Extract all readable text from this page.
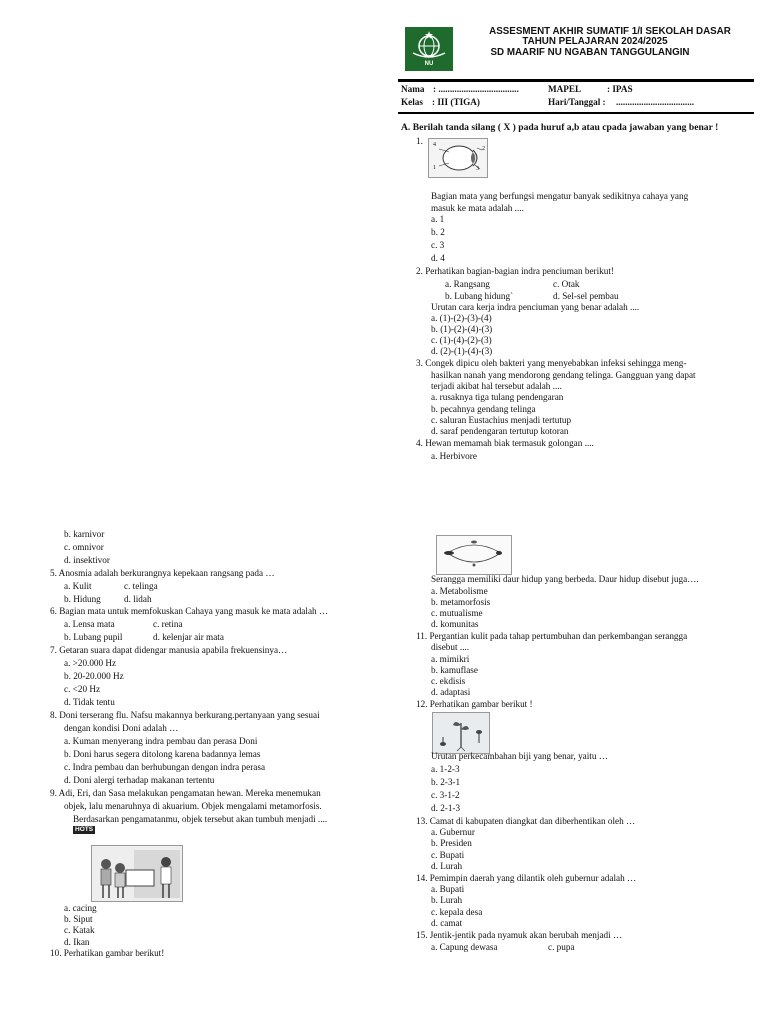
NU
ASSESMENT AKHIR SUMATIF 1/I SEKOLAH DASAR
TAHUN PELAJARAN 2024/2025
SD MAARIF NU NGABAN TANGGULANGIN
Nama : ...................................	MAPEL	: IPAS
Kelas : III (TIGA)	Hari/Tanggal : ..................................
A. Berilah tanda silang ( X ) pada huruf a,b atau cpada jawaban yang benar !
1. 4
1
2
3
Bagian mata yang berfungsi mengatur banyak sedikitnya cahaya yang
masuk ke mata adalah ....
a. 1
b. 2
c. 3
d. 4
2. Perhatikan bagian-bagian indra penciuman berikut!
a. Rangsang	c. Otak
b. Lubang hidung`	d. Sel-sel pembau
Urutan cara kerja indra penciuman yang benar adalah ....
a. (1)-(2)-(3)-(4)
b. (1)-(2)-(4)-(3)
c. (1)-(4)-(2)-(3)
d. (2)-(1)-(4)-(3)
3. Congek dipicu oleh bakteri yang menyebabkan infeksi sehingga meng-
hasilkan nanah yang mendorong gendang telinga. Gangguan yang dapat
terjadi akibat hal tersebut adalah ....
a. rusaknya tiga tulang pendengaran
b. pecahnya gendang telinga
c. saluran Eustachius menjadi tertutup
d. saraf pendengaran tertutup kotoran
4. Hewan memamah biak termasuk golongan ....
a. Herbivore
b. karnivor
c. omnivor
d. insektivor
5. Anosmia adalah berkurangnya kepekaan rangsang pada …
a. Kulit	c. telinga
b. Hidung	d. lidah
6. Bagian mata untuk memfokuskan Cahaya yang masuk ke mata adalah …
a. Lensa mata	c. retina
b. Lubang pupil	d. kelenjar air mata
7. Getaran suara dapat didengar manusia apabila frekuensinya…
a. >20.000 Hz
b. 20-20.000 Hz
c. <20 Hz
d. Tidak tentu
8. Doni terserang flu. Nafsu makannya berkurang.pertanyaan yang sesuai
dengan kondisi Doni adalah …
a. Kuman menyerang indra pembau dan perasa Doni
b. Doni harus segera ditolong karena badannya lemas
c. Indra pembau dan berhubungan dengan indra perasa
d. Doni alergi terhadap makanan tertentu
9. Adi, Eri, dan Sasa melakukan pengamatan hewan. Mereka menemukan
objek, lalu menaruhnya di akuarium. Objek mengalami metamorfosis.
Berdasarkan pengamatanmu, objek tersebut akan tumbuh menjadi ....
HOTS
a. cacing
b. Siput
c. Katak
d. Ikan
10. Perhatikan gambar berikut!
Serangga memiliki daur hidup yang berbeda. Daur hidup disebut juga….
a. Metabolisme
b. metamorfosis
c. mutualisme
d. komunitas
11. Pergantian kulit pada tahap pertumbuhan dan perkembangan serangga
disebut ....
a. mimikri
b. kamuflase
c. ekdisis
d. adaptasi
12. Perhatikan gambar berikut !
Urutan perkecambahan biji yang benar, yaitu …
a. 1-2-3
b. 2-3-1
c. 3-1-2
d. 2-1-3
13. Camat di kabupaten diangkat dan diberhentikan oleh …
a. Gubernur
b. Presiden
c. Bupati
d. Lurah
14. Pemimpin daerah yang dilantik oleh gubernur adalah …
a. Bupati
b. Lurah
c. kepala desa
d. camat
15. Jentik-jentik pada nyamuk akan berubah menjadi …
a. Capung dewasa	c. pupa
